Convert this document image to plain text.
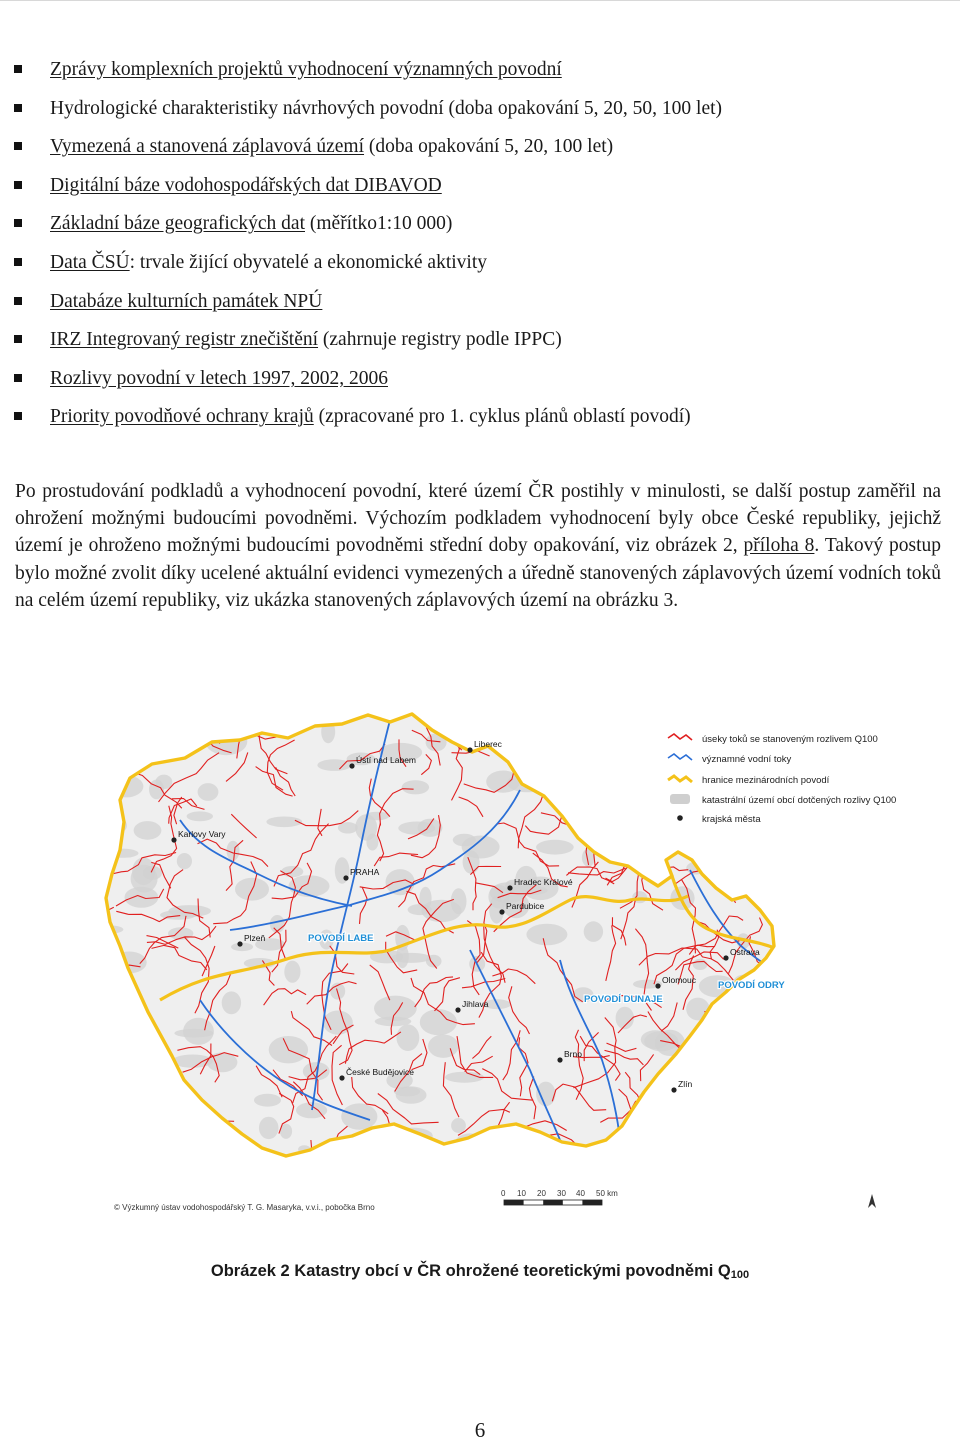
Zprávy komplexních projektů vyhodnocení významných povodní
Hydrologické charakteristiky návrhových povodní (doba opakování 5, 20, 50, 100 let)
Vymezená a stanovená záplavová území (doba opakování 5, 20, 100 let)
Digitální báze vodohospodářských dat DIBAVOD
Základní báze geografických dat (měřítko1:10 000)
Data ČSÚ: trvale žijící obyvatelé a ekonomické aktivity
Databáze kulturních památek NPÚ
IRZ Integrovaný registr znečištění (zahrnuje registry podle IPPC)
Rozlivy povodní v letech 1997, 2002, 2006
Priority povodňové ochrany krajů (zpracované pro 1. cyklus plánů oblastí povodí)

Po prostudování podkladů a vyhodnocení povodní, které území ČR postihly v minulosti, se další postup zaměřil na ohrožení možnými budoucími povodněmi. Výchozím podkladem vyhodnocení byly obce České republiky, jejichž území je ohroženo možnými budoucími povodněmi střední doby opakování, viz obrázek 2, příloha 8. Takový postup bylo možné zvolit díky ucelené aktuální evidenci vymezených a úředně stanovených záplavových území vodních toků na celém území republiky, viz ukázka stanovených záplavových území na obrázku 3.

Liberec
Ústí nad Labem
Karlovy Vary
PRAHA
Hradec Králové
Pardubice
Plzeň
Ostrava
Olomouc
Jihlava
Brno
Zlín
České Budějovice
POVODÍ LABE
POVODÍ DUNAJE
POVODÍ ODRY
úseky toků se stanoveným rozlivem Q100
významné vodní toky
hranice mezinárodních povodí
katastrální území obcí dotčených rozlivy Q100
krajská města
© Výzkumný ústav vodohospodářský T. G. Masaryka, v.v.i., pobočka Brno
0 10 20 30 40 50 km
Obrázek 2 Katastry obcí v ČR ohrožené teoretickými povodněmi $Q_{100}$
6
